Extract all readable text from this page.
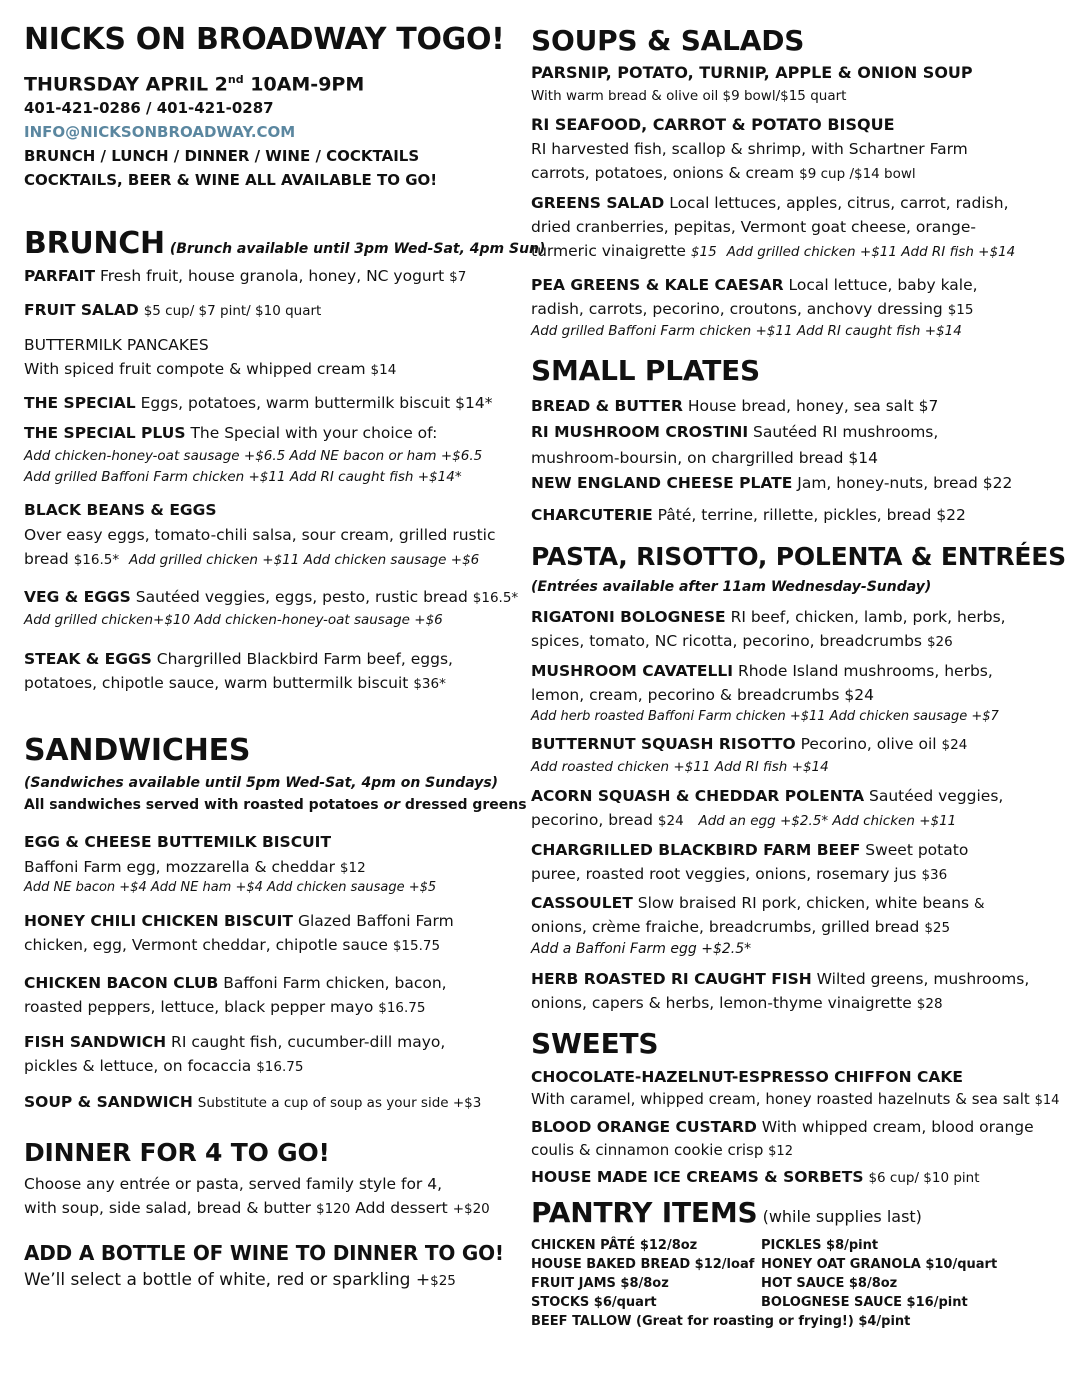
NICKS ON BROADWAY TOGO!
THURSDAY APRIL 2nd 10AM-9PM
401-421-0286 / 401-421-0287
INFO@NICKSONBROADWAY.COM
BRUNCH / LUNCH / DINNER / WINE / COCKTAILS
COCKTAILS, BEER & WINE ALL AVAILABLE TO GO!
BRUNCH (Brunch available until 3pm Wed-Sat, 4pm Sun)
PARFAIT Fresh fruit, house granola, honey, NC yogurt $7
FRUIT SALAD $5 cup/ $7 pint/ $10 quart
BUTTERMILK PANCAKES
With spiced fruit compote & whipped cream $14
THE SPECIAL Eggs, potatoes, warm buttermilk biscuit $14*
THE SPECIAL PLUS The Special with your choice of:
Add chicken-honey-oat sausage +$6.5 Add NE bacon or ham +$6.5
Add grilled Baffoni Farm chicken +$11 Add RI caught fish +$14*
BLACK BEANS & EGGS
Over easy eggs, tomato-chili salsa, sour cream, grilled rustic
bread $16.5* Add grilled chicken +$11 Add chicken sausage +$6
VEG & EGGS Sautéed veggies, eggs, pesto, rustic bread $16.5*
Add grilled chicken+$10 Add chicken-honey-oat sausage +$6
STEAK & EGGS Chargrilled Blackbird Farm beef, eggs,
potatoes, chipotle sauce, warm buttermilk biscuit $36*
SANDWICHES
(Sandwiches available until 5pm Wed-Sat, 4pm on Sundays)
All sandwiches served with roasted potatoes or dressed greens
EGG & CHEESE BUTTEMILK BISCUIT
Baffoni Farm egg, mozzarella & cheddar $12
Add NE bacon +$4 Add NE ham +$4 Add chicken sausage +$5
HONEY CHILI CHICKEN BISCUIT Glazed Baffoni Farm
chicken, egg, Vermont cheddar, chipotle sauce $15.75
CHICKEN BACON CLUB Baffoni Farm chicken, bacon,
roasted peppers, lettuce, black pepper mayo $16.75
FISH SANDWICH RI caught fish, cucumber-dill mayo,
pickles & lettuce, on focaccia $16.75
SOUP & SANDWICH Substitute a cup of soup as your side +$3
DINNER FOR 4 TO GO!
Choose any entrée or pasta, served family style for 4,
with soup, side salad, bread & butter $120 Add dessert +$20
ADD A BOTTLE OF WINE TO DINNER TO GO!
We’ll select a bottle of white, red or sparkling +$25
SOUPS & SALADS
PARSNIP, POTATO, TURNIP, APPLE & ONION SOUP
With warm bread & olive oil $9 bowl/$15 quart
RI SEAFOOD, CARROT & POTATO BISQUE
RI harvested fish, scallop & shrimp, with Schartner Farm
carrots, potatoes, onions & cream $9 cup /$14 bowl
GREENS SALAD Local lettuces, apples, citrus, carrot, radish,
dried cranberries, pepitas, Vermont goat cheese, orange-
turmeric vinaigrette $15 Add grilled chicken +$11 Add RI fish +$14
PEA GREENS & KALE CAESAR Local lettuce, baby kale,
radish, carrots, pecorino, croutons, anchovy dressing $15
Add grilled Baffoni Farm chicken +$11 Add RI caught fish +$14
SMALL PLATES
BREAD & BUTTER House bread, honey, sea salt $7
RI MUSHROOM CROSTINI Sautéed RI mushrooms,
mushroom-boursin, on chargrilled bread $14
NEW ENGLAND CHEESE PLATE Jam, honey-nuts, bread $22
CHARCUTERIE Pâté, terrine, rillette, pickles, bread $22
PASTA, RISOTTO, POLENTA & ENTRÉES
(Entrées available after 11am Wednesday-Sunday)
RIGATONI BOLOGNESE RI beef, chicken, lamb, pork, herbs,
spices, tomato, NC ricotta, pecorino, breadcrumbs $26
MUSHROOM CAVATELLI Rhode Island mushrooms, herbs,
lemon, cream, pecorino & breadcrumbs $24
Add herb roasted Baffoni Farm chicken +$11 Add chicken sausage +$7
BUTTERNUT SQUASH RISOTTO Pecorino, olive oil $24
Add roasted chicken +$11 Add RI fish +$14
ACORN SQUASH & CHEDDAR POLENTA Sautéed veggies,
pecorino, bread $24 Add an egg +$2.5* Add chicken +$11
CHARGRILLED BLACKBIRD FARM BEEF Sweet potato
puree, roasted root veggies, onions, rosemary jus $36
CASSOULET Slow braised RI pork, chicken, white beans &
onions, crème fraiche, breadcrumbs, grilled bread $25
Add a Baffoni Farm egg +$2.5*
HERB ROASTED RI CAUGHT FISH Wilted greens, mushrooms,
onions, capers & herbs, lemon-thyme vinaigrette $28
SWEETS
CHOCOLATE-HAZELNUT-ESPRESSO CHIFFON CAKE
With caramel, whipped cream, honey roasted hazelnuts & sea salt $14
BLOOD ORANGE CUSTARD With whipped cream, blood orange
coulis & cinnamon cookie crisp $12
HOUSE MADE ICE CREAMS & SORBETS $6 cup/ $10 pint
PANTRY ITEMS (while supplies last)
CHICKEN PÂTÉ $12/8oz
HOUSE BAKED BREAD $12/loaf
FRUIT JAMS $8/8oz
STOCKS $6/quart
PICKLES $8/pint
HONEY OAT GRANOLA $10/quart
HOT SAUCE $8/8oz
BOLOGNESE SAUCE $16/pint
BEEF TALLOW (Great for roasting or frying!) $4/pint
